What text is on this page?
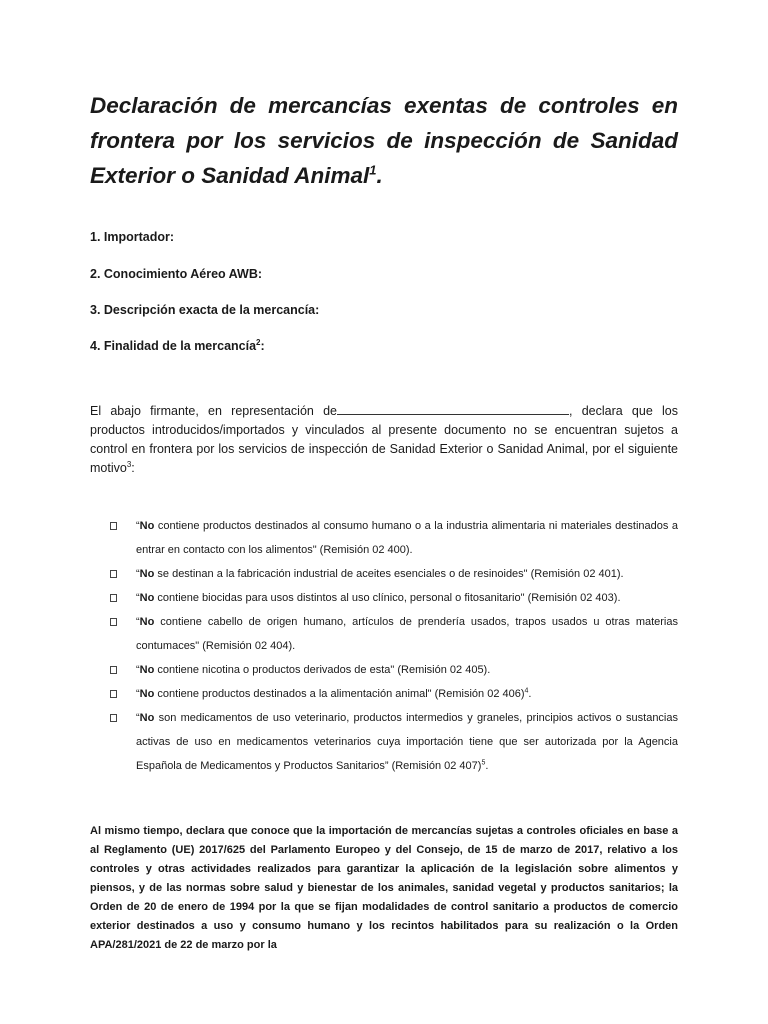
Declaración de mercancías exentas de controles en frontera por los servicios de inspección de Sanidad Exterior o Sanidad Animal$^1$.

1. Importador:

2. Conocimiento Aéreo AWB:

3. Descripción exacta de la mercancía:

4. Finalidad de la mercancía$^2$:

El abajo firmante, en representación de	, declara que los productos introducidos/importados y vinculados al presente documento no se encuentran sujetos a control en frontera por los servicios de inspección de Sanidad Exterior o Sanidad Animal, por el siguiente motivo$^3$:

“No contiene productos destinados al consumo humano o a la industria alimentaria ni materiales destinados a entrar en contacto con los alimentos" (Remisión 02 400).
“No se destinan a la fabricación industrial de aceites esenciales o de resinoides" (Remisión 02 401).
“No contiene biocidas para usos distintos al uso clínico, personal o fitosanitario" (Remisión 02 403).
“No contiene cabello de origen humano, artículos de prendería usados, trapos usados u otras materias contumaces" (Remisión 02 404).
“No contiene nicotina o productos derivados de esta" (Remisión 02 405).
“No contiene productos destinados a la alimentación animal" (Remisión 02 406)$^4$.
“No son medicamentos de uso veterinario, productos intermedios y graneles, principios activos o sustancias activas de uso en medicamentos veterinarios cuya importación tiene que ser autorizada por la Agencia Española de Medicamentos y Productos Sanitarios” (Remisión 02 407)$^5$.

Al mismo tiempo, declara que conoce que la importación de mercancías sujetas a controles oficiales en base a al Reglamento (UE) 2017/625 del Parlamento Europeo y del Consejo, de 15 de marzo de 2017, relativo a los controles y otras actividades realizados para garantizar la aplicación de la legislación sobre alimentos y piensos, y de las normas sobre salud y bienestar de los animales, sanidad vegetal y productos sanitarios; la Orden de 20 de enero de 1994 por la que se fijan modalidades de control sanitario a productos de comercio exterior destinados a uso y consumo humano y los recintos habilitados para su realización o la Orden APA/281/2021 de 22 de marzo por la
